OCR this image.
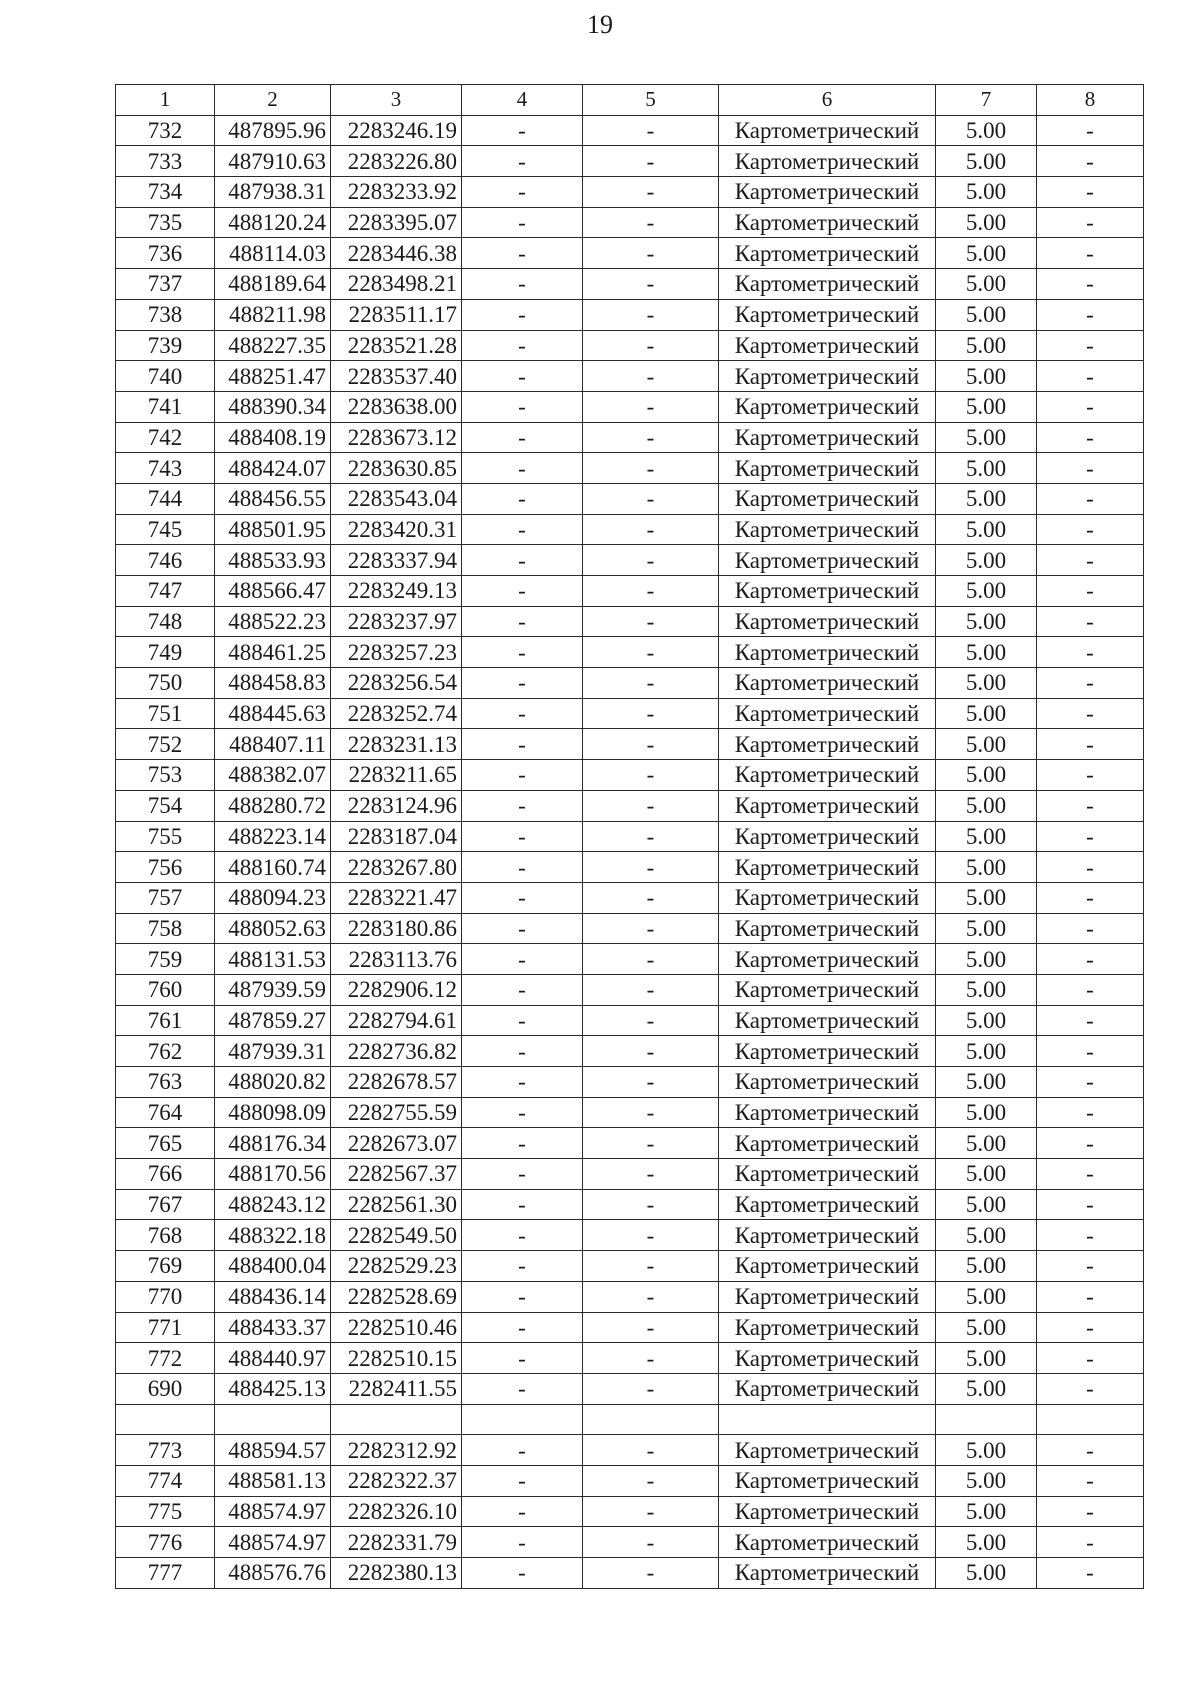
19
1	2	3	4	5	6	7	8
732	487895.96	2283246.19	-	-	Картометрический	5.00	-
733	487910.63	2283226.80	-	-	Картометрический	5.00	-
734	487938.31	2283233.92	-	-	Картометрический	5.00	-
735	488120.24	2283395.07	-	-	Картометрический	5.00	-
736	488114.03	2283446.38	-	-	Картометрический	5.00	-
737	488189.64	2283498.21	-	-	Картометрический	5.00	-
738	488211.98	2283511.17	-	-	Картометрический	5.00	-
739	488227.35	2283521.28	-	-	Картометрический	5.00	-
740	488251.47	2283537.40	-	-	Картометрический	5.00	-
741	488390.34	2283638.00	-	-	Картометрический	5.00	-
742	488408.19	2283673.12	-	-	Картометрический	5.00	-
743	488424.07	2283630.85	-	-	Картометрический	5.00	-
744	488456.55	2283543.04	-	-	Картометрический	5.00	-
745	488501.95	2283420.31	-	-	Картометрический	5.00	-
746	488533.93	2283337.94	-	-	Картометрический	5.00	-
747	488566.47	2283249.13	-	-	Картометрический	5.00	-
748	488522.23	2283237.97	-	-	Картометрический	5.00	-
749	488461.25	2283257.23	-	-	Картометрический	5.00	-
750	488458.83	2283256.54	-	-	Картометрический	5.00	-
751	488445.63	2283252.74	-	-	Картометрический	5.00	-
752	488407.11	2283231.13	-	-	Картометрический	5.00	-
753	488382.07	2283211.65	-	-	Картометрический	5.00	-
754	488280.72	2283124.96	-	-	Картометрический	5.00	-
755	488223.14	2283187.04	-	-	Картометрический	5.00	-
756	488160.74	2283267.80	-	-	Картометрический	5.00	-
757	488094.23	2283221.47	-	-	Картометрический	5.00	-
758	488052.63	2283180.86	-	-	Картометрический	5.00	-
759	488131.53	2283113.76	-	-	Картометрический	5.00	-
760	487939.59	2282906.12	-	-	Картометрический	5.00	-
761	487859.27	2282794.61	-	-	Картометрический	5.00	-
762	487939.31	2282736.82	-	-	Картометрический	5.00	-
763	488020.82	2282678.57	-	-	Картометрический	5.00	-
764	488098.09	2282755.59	-	-	Картометрический	5.00	-
765	488176.34	2282673.07	-	-	Картометрический	5.00	-
766	488170.56	2282567.37	-	-	Картометрический	5.00	-
767	488243.12	2282561.30	-	-	Картометрический	5.00	-
768	488322.18	2282549.50	-	-	Картометрический	5.00	-
769	488400.04	2282529.23	-	-	Картометрический	5.00	-
770	488436.14	2282528.69	-	-	Картометрический	5.00	-
771	488433.37	2282510.46	-	-	Картометрический	5.00	-
772	488440.97	2282510.15	-	-	Картометрический	5.00	-
690	488425.13	2282411.55	-	-	Картометрический	5.00	-

773	488594.57	2282312.92	-	-	Картометрический	5.00	-
774	488581.13	2282322.37	-	-	Картометрический	5.00	-
775	488574.97	2282326.10	-	-	Картометрический	5.00	-
776	488574.97	2282331.79	-	-	Картометрический	5.00	-
777	488576.76	2282380.13	-	-	Картометрический	5.00	-
